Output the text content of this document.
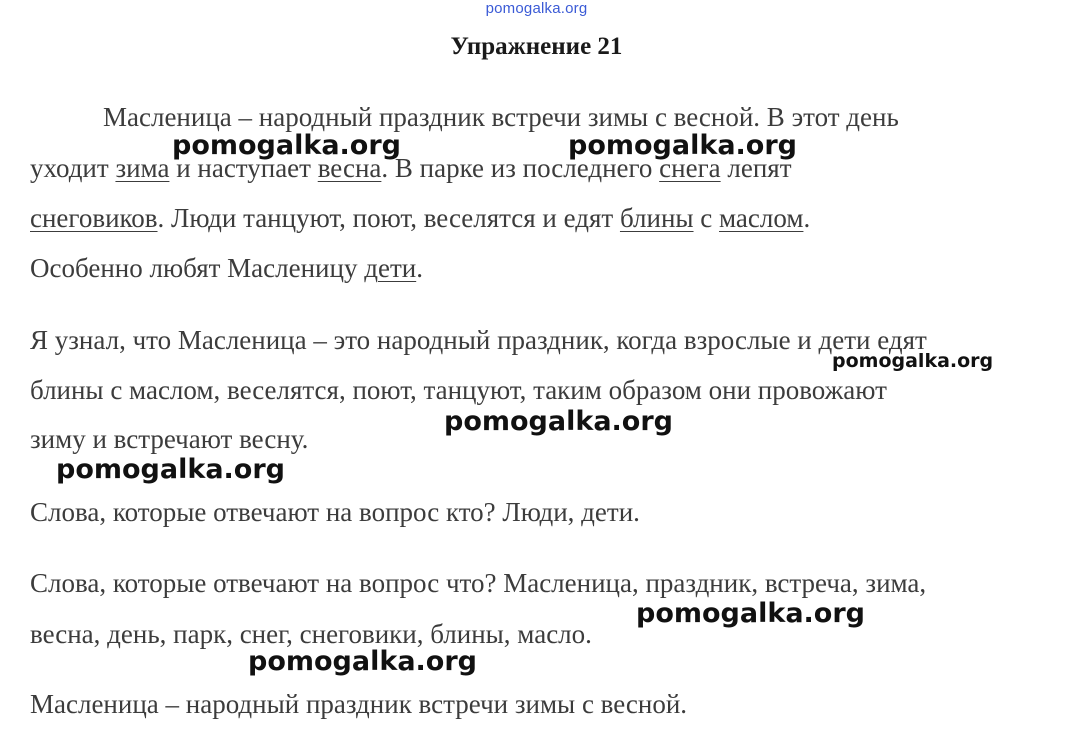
pomogalka.org
Упражнение 21
Масленица – народный праздник встречи зимы с весной. В этот день
уходит зима и наступает весна. В парке из последнего снега лепят
снеговиков. Люди танцуют, поют, веселятся и едят блины с маслом.
Особенно любят Масленицу дети.
Я узнал, что Масленица – это народный праздник, когда взрослые и дети едят
блины с маслом, веселятся, поют, танцуют, таким образом они провожают
зиму и встречают весну.
Слова, которые отвечают на вопрос кто? Люди, дети.
Слова, которые отвечают на вопрос что? Масленица, праздник, встреча, зима,
весна, день, парк, снег, снеговики, блины, масло.
Масленица – народный праздник встречи зимы с весной.
pomogalka.org	pomogalka.org
pomogalka.org
pomogalka.org
pomogalka.org
pomogalka.org
pomogalka.org
